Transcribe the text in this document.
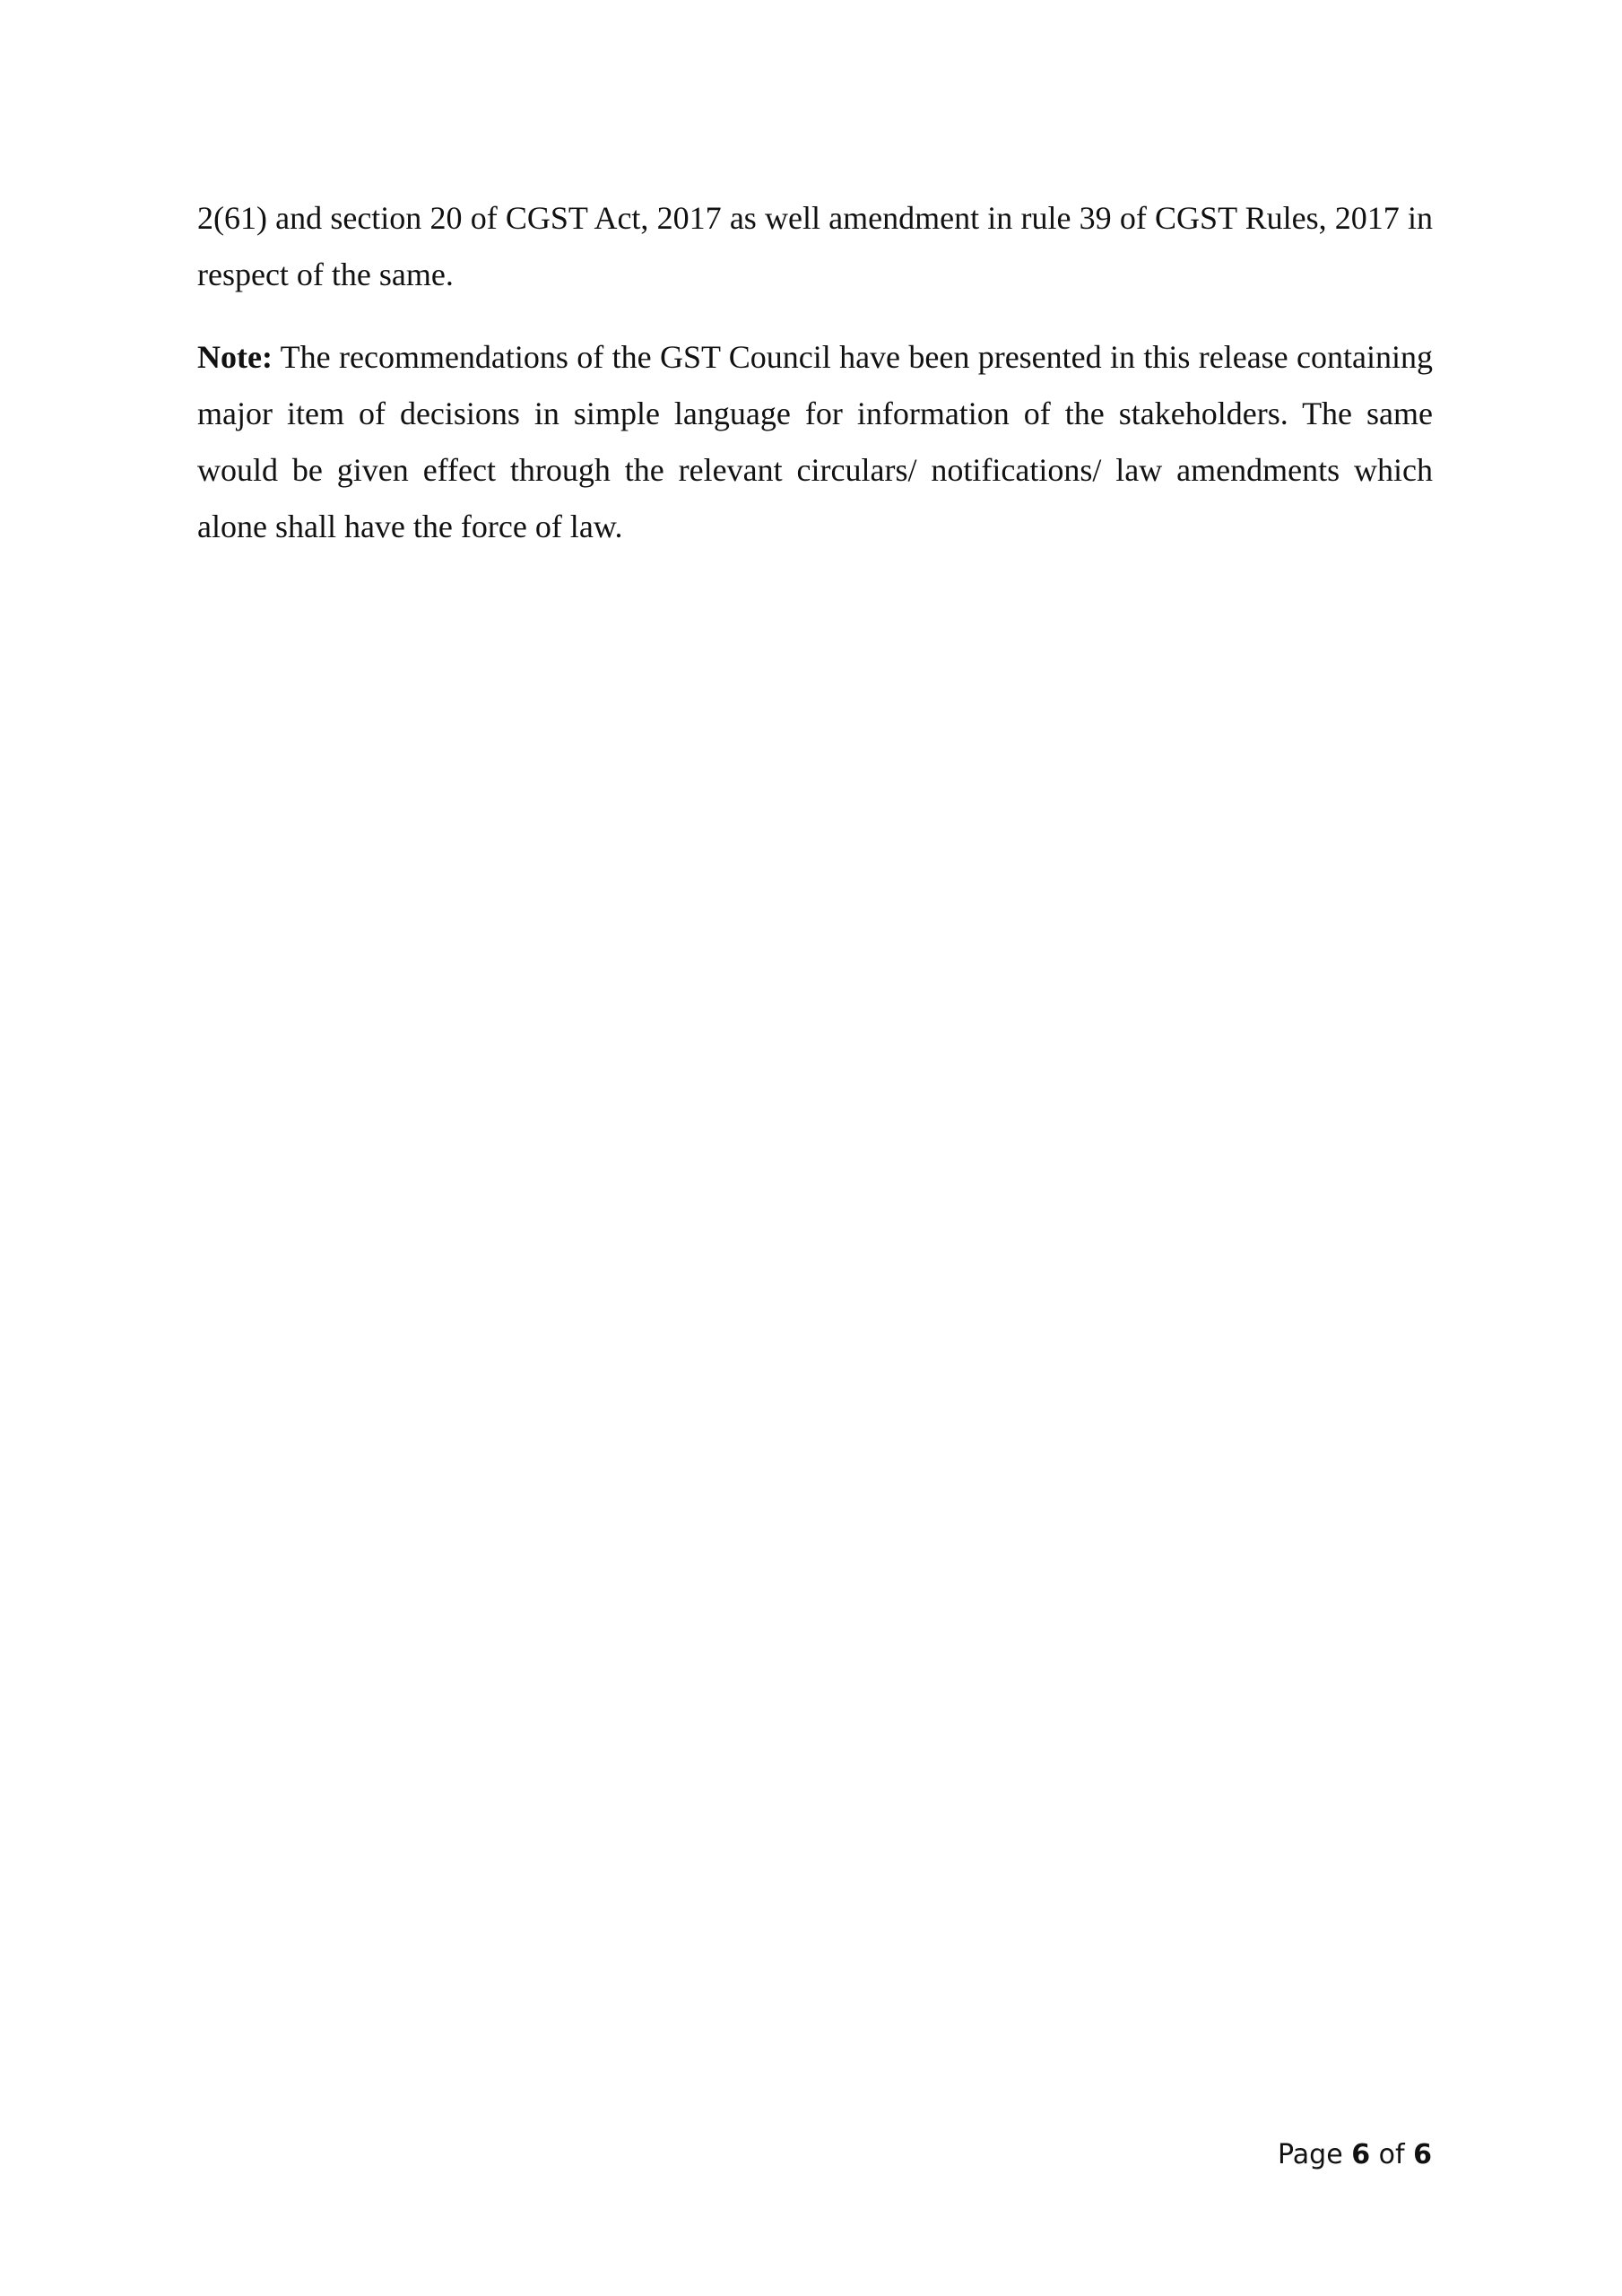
2(61) and section 20 of CGST Act, 2017 as well amendment in rule 39 of CGST Rules, 2017 in respect of the same.

Note: The recommendations of the GST Council have been presented in this release containing major item of decisions in simple language for information of the stakeholders. The same would be given effect through the relevant circulars/ notifications/ law amendments which alone shall have the force of law.

Page 6 of 6
